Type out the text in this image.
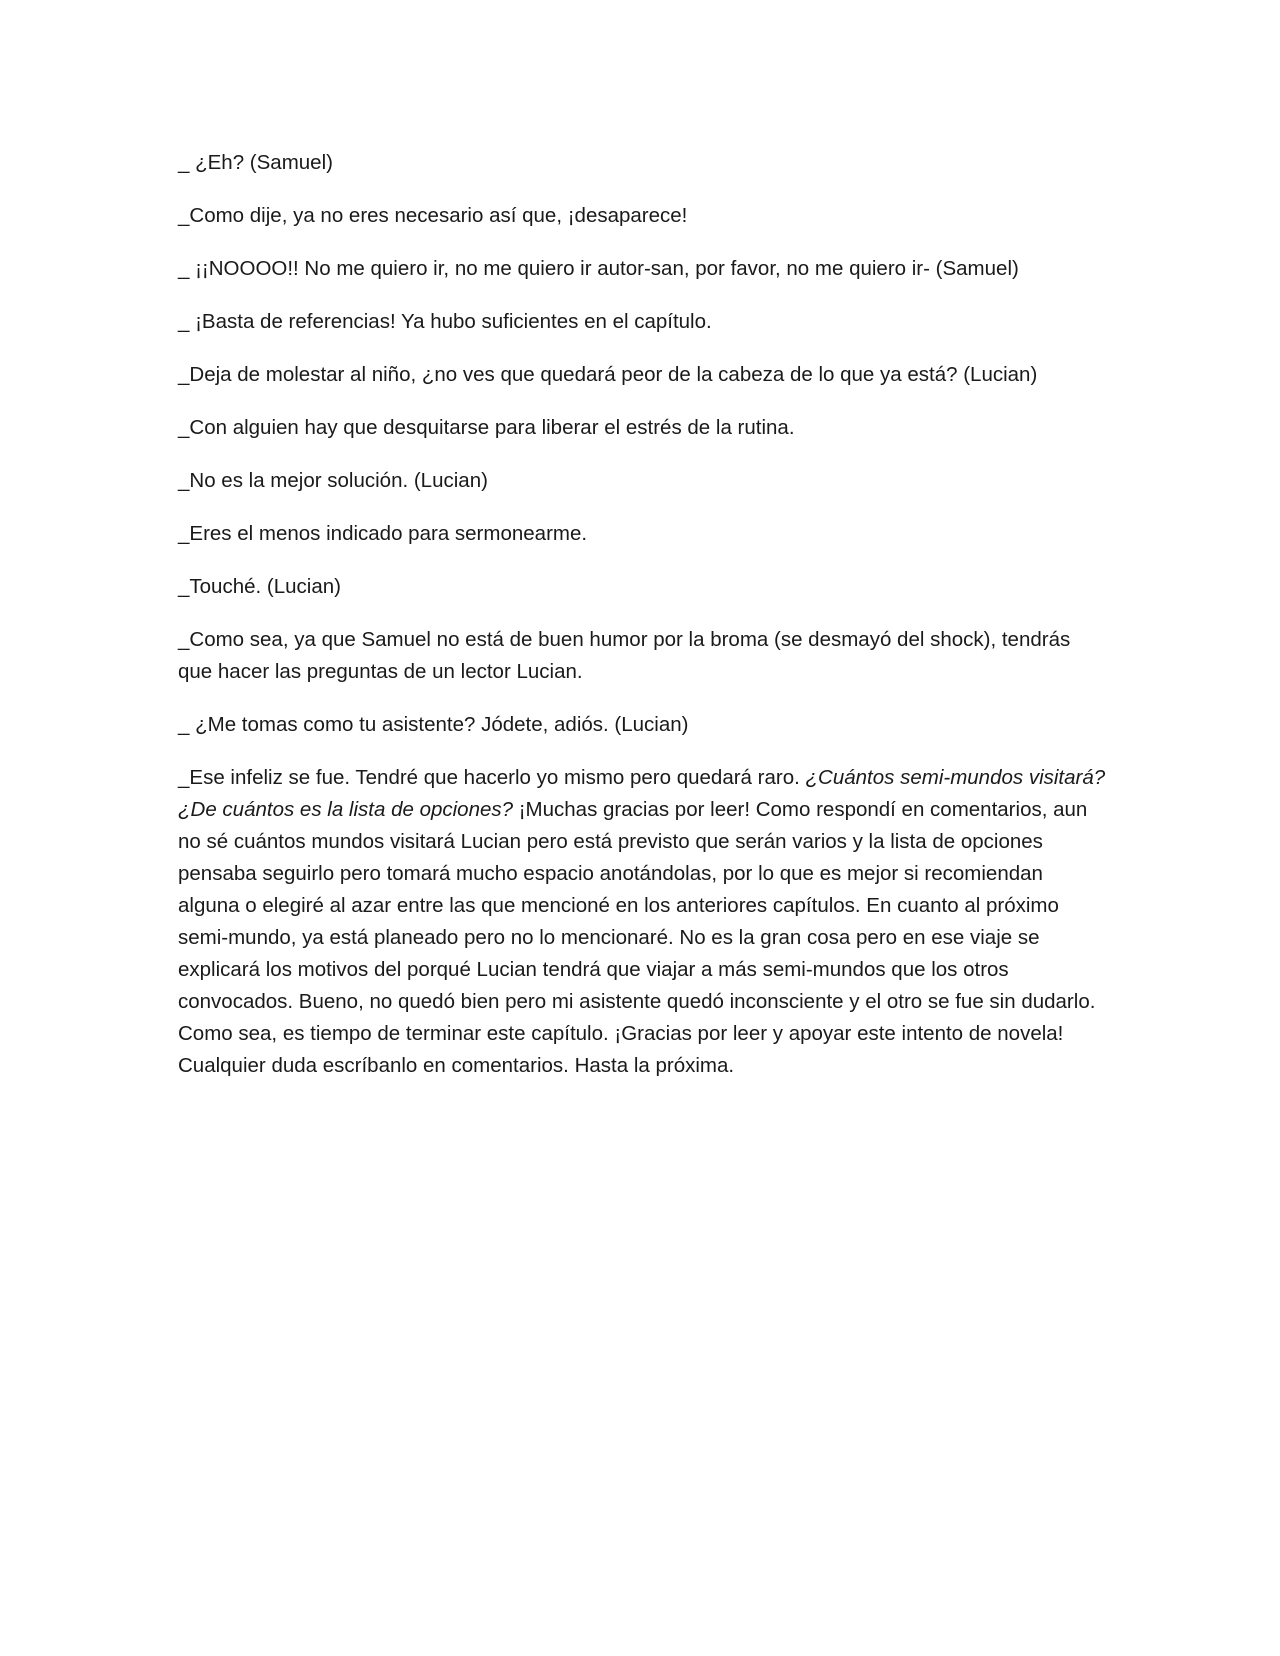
_ ¿Eh? (Samuel)

_Como dije, ya no eres necesario así que, ¡desaparece!

_ ¡¡NOOOO!! No me quiero ir, no me quiero ir autor-san, por favor, no me quiero ir- (Samuel)

_ ¡Basta de referencias! Ya hubo suficientes en el capítulo.

_Deja de molestar al niño, ¿no ves que quedará peor de la cabeza de lo que ya está? (Lucian)

_Con alguien hay que desquitarse para liberar el estrés de la rutina.

_No es la mejor solución. (Lucian)

_Eres el menos indicado para sermonearme.

_Touché. (Lucian)

_Como sea, ya que Samuel no está de buen humor por la broma (se desmayó del shock), tendrás que hacer las preguntas de un lector Lucian.

_ ¿Me tomas como tu asistente? Jódete, adiós. (Lucian)

_Ese infeliz se fue. Tendré que hacerlo yo mismo pero quedará raro. ¿Cuántos semi-mundos visitará? ¿De cuántos es la lista de opciones? ¡Muchas gracias por leer! Como respondí en comentarios, aun no sé cuántos mundos visitará Lucian pero está previsto que serán varios y la lista de opciones pensaba seguirlo pero tomará mucho espacio anotándolas, por lo que es mejor si recomiendan alguna o elegiré al azar entre las que mencioné en los anteriores capítulos. En cuanto al próximo semi-mundo, ya está planeado pero no lo mencionaré. No es la gran cosa pero en ese viaje se explicará los motivos del porqué Lucian tendrá que viajar a más semi-mundos que los otros convocados. Bueno, no quedó bien pero mi asistente quedó inconsciente y el otro se fue sin dudarlo. Como sea, es tiempo de terminar este capítulo. ¡Gracias por leer y apoyar este intento de novela! Cualquier duda escríbanlo en comentarios. Hasta la próxima.
